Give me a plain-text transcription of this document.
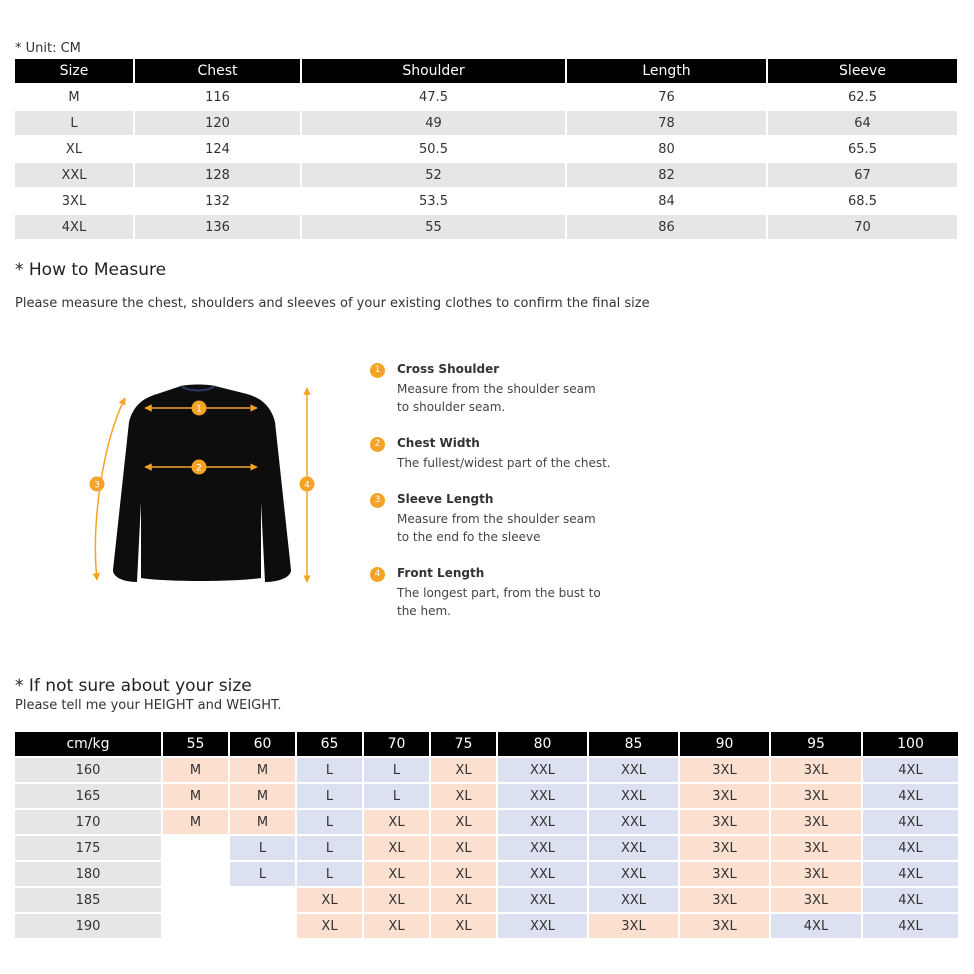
* Unit: CM
Size	Chest	Shoulder	Length	Sleeve
M	116	47.5	76	62.5
L	120	49	78	64
XL	124	50.5	80	65.5
XXL	128	52	82	67
3XL	132	53.5	84	68.5
4XL	136	55	86	70
* How to Measure
Please measure the chest, shoulders and sleeves of your existing clothes to confirm the final size
1
2
3	4
1	Cross Shoulder
Measure from the shoulder seam
to shoulder seam.
2	Chest Width
The fullest/widest part of the chest.
3	Sleeve Length
Measure from the shoulder seam
to the end fo the sleeve
4	Front Length
The longest part, from the bust to
the hem.
* If not sure about your size
Please tell me your HEIGHT and WEIGHT.
cm/kg	55	60	65	70	75	80	85	90	95	100
160	M	M	L	L	XL	XXL	XXL	3XL	3XL	4XL
165	M	M	L	L	XL	XXL	XXL	3XL	3XL	4XL
170	M	M	L	XL	XL	XXL	XXL	3XL	3XL	4XL
175		L	L	XL	XL	XXL	XXL	3XL	3XL	4XL
180		L	L	XL	XL	XXL	XXL	3XL	3XL	4XL
185			XL	XL	XL	XXL	XXL	3XL	3XL	4XL
190			XL	XL	XL	XXL	3XL	3XL	4XL	4XL
